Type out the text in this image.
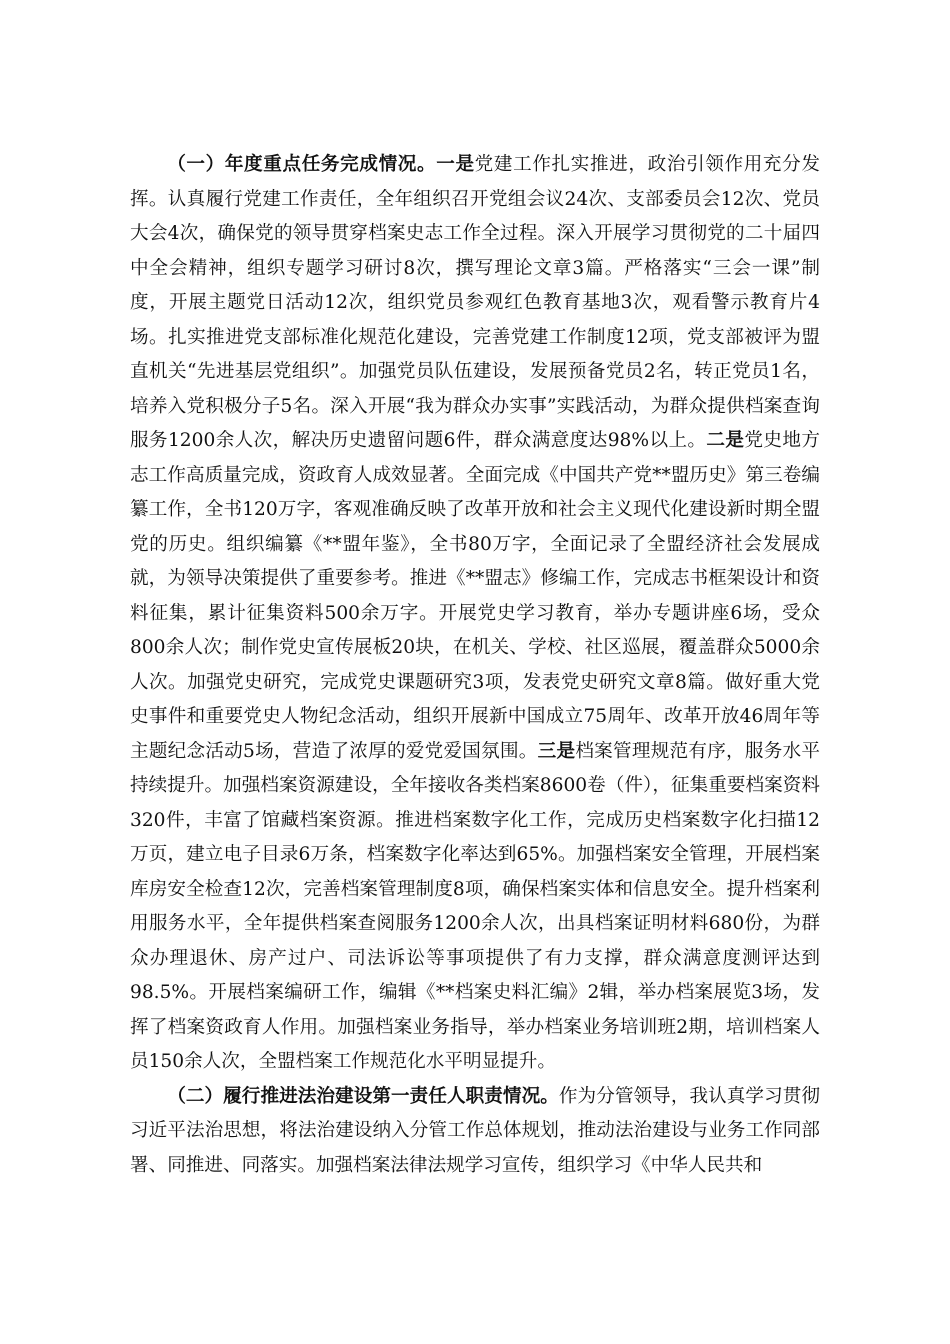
（一）年度重点任务完成情况。一是党建工作扎实推进，政治引领作用充分发挥。认真履行党建工作责任，全年组织召开党组会议24次、支部委员会12次、党员大会4次，确保党的领导贯穿档案史志工作全过程。深入开展学习贯彻党的二十届四中全会精神，组织专题学习研讨8次，撰写理论文章3篇。严格落实“三会一课”制度，开展主题党日活动12次，组织党员参观红色教育基地3次，观看警示教育片4场。扎实推进党支部标准化规范化建设，完善党建工作制度12项，党支部被评为盟直机关“先进基层党组织”。加强党员队伍建设，发展预备党员2名，转正党员1名，培养入党积极分子5名。深入开展“我为群众办实事”实践活动，为群众提供档案查询服务1200余人次，解决历史遗留问题6件，群众满意度达98%以上。二是党史地方志工作高质量完成，资政育人成效显著。全面完成《中国共产党**盟历史》第三卷编纂工作，全书120万字，客观准确反映了改革开放和社会主义现代化建设新时期全盟党的历史。组织编纂《**盟年鉴》，全书80万字，全面记录了全盟经济社会发展成就，为领导决策提供了重要参考。推进《**盟志》修编工作，完成志书框架设计和资料征集，累计征集资料500余万字。开展党史学习教育，举办专题讲座6场，受众800余人次；制作党史宣传展板20块，在机关、学校、社区巡展，覆盖群众5000余人次。加强党史研究，完成党史课题研究3项，发表党史研究文章8篇。做好重大党史事件和重要党史人物纪念活动，组织开展新中国成立75周年、改革开放46周年等主题纪念活动5场，营造了浓厚的爱党爱国氛围。三是档案管理规范有序，服务水平持续提升。加强档案资源建设，全年接收各类档案8600卷（件），征集重要档案资料320件，丰富了馆藏档案资源。推进档案数字化工作，完成历史档案数字化扫描12万页，建立电子目录6万条，档案数字化率达到65%。加强档案安全管理，开展档案库房安全检查12次，完善档案管理制度8项，确保档案实体和信息安全。提升档案利用服务水平，全年提供档案查阅服务1200余人次，出具档案证明材料680份，为群众办理退休、房产过户、司法诉讼等事项提供了有力支撑，群众满意度测评达到98.5%。开展档案编研工作，编辑《**档案史料汇编》2辑，举办档案展览3场，发挥了档案资政育人作用。加强档案业务指导，举办档案业务培训班2期，培训档案人员150余人次，全盟档案工作规范化水平明显提升。

（二）履行推进法治建设第一责任人职责情况。作为分管领导，我认真学习贯彻习近平法治思想，将法治建设纳入分管工作总体规划，推动法治建设与业务工作同部署、同推进、同落实。加强档案法律法规学习宣传，组织学习《中华人民共和
